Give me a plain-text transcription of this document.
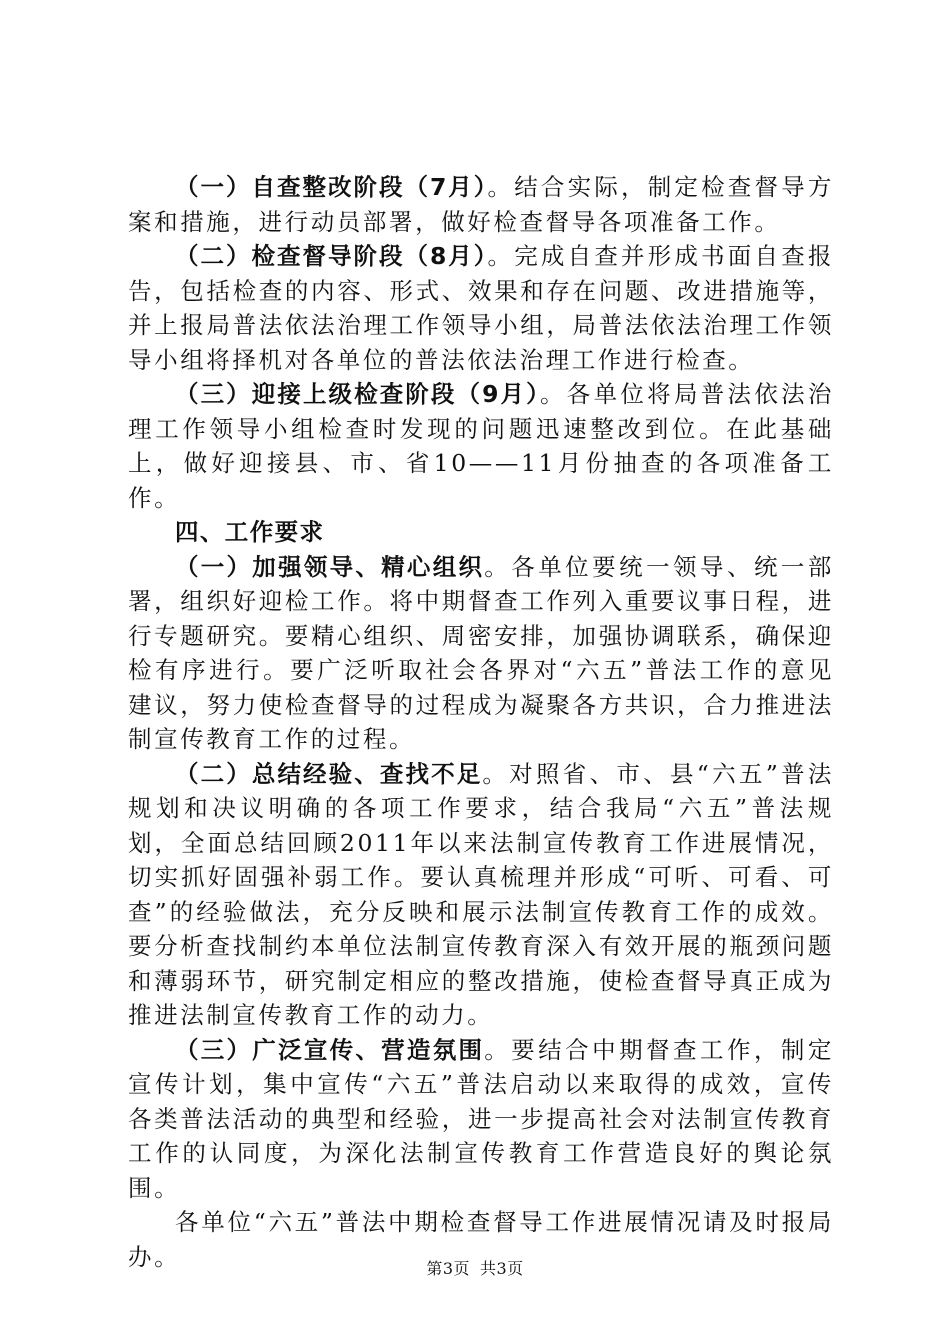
（一）自查整改阶段（7月）。结合实际，制定检查督导方案和措施，进行动员部署，做好检查督导各项准备工作。

（二）检查督导阶段（8月）。完成自查并形成书面自查报告，包括检查的内容、形式、效果和存在问题、改进措施等，并上报局普法依法治理工作领导小组，局普法依法治理工作领导小组将择机对各单位的普法依法治理工作进行检查。

（三）迎接上级检查阶段（9月）。各单位将局普法依法治理工作领导小组检查时发现的问题迅速整改到位。在此基础上，做好迎接县、市、省10——11月份抽查的各项准备工作。

四、工作要求

（一）加强领导、精心组织。各单位要统一领导、统一部署，组织好迎检工作。将中期督查工作列入重要议事日程，进行专题研究。要精心组织、周密安排，加强协调联系，确保迎检有序进行。要广泛听取社会各界对“六五”普法工作的意见建议，努力使检查督导的过程成为凝聚各方共识，合力推进法制宣传教育工作的过程。

（二）总结经验、查找不足。对照省、市、县“六五”普法规划和决议明确的各项工作要求，结合我局“六五”普法规划，全面总结回顾2011年以来法制宣传教育工作进展情况，切实抓好固强补弱工作。要认真梳理并形成“可听、可看、可查”的经验做法，充分反映和展示法制宣传教育工作的成效。要分析查找制约本单位法制宣传教育深入有效开展的瓶颈问题和薄弱环节，研究制定相应的整改措施，使检查督导真正成为推进法制宣传教育工作的动力。

（三）广泛宣传、营造氛围。要结合中期督查工作，制定宣传计划，集中宣传“六五”普法启动以来取得的成效，宣传各类普法活动的典型和经验，进一步提高社会对法制宣传教育工作的认同度，为深化法制宣传教育工作营造良好的舆论氛围。

各单位“六五”普法中期检查督导工作进展情况请及时报局办。	第3页 共3页
